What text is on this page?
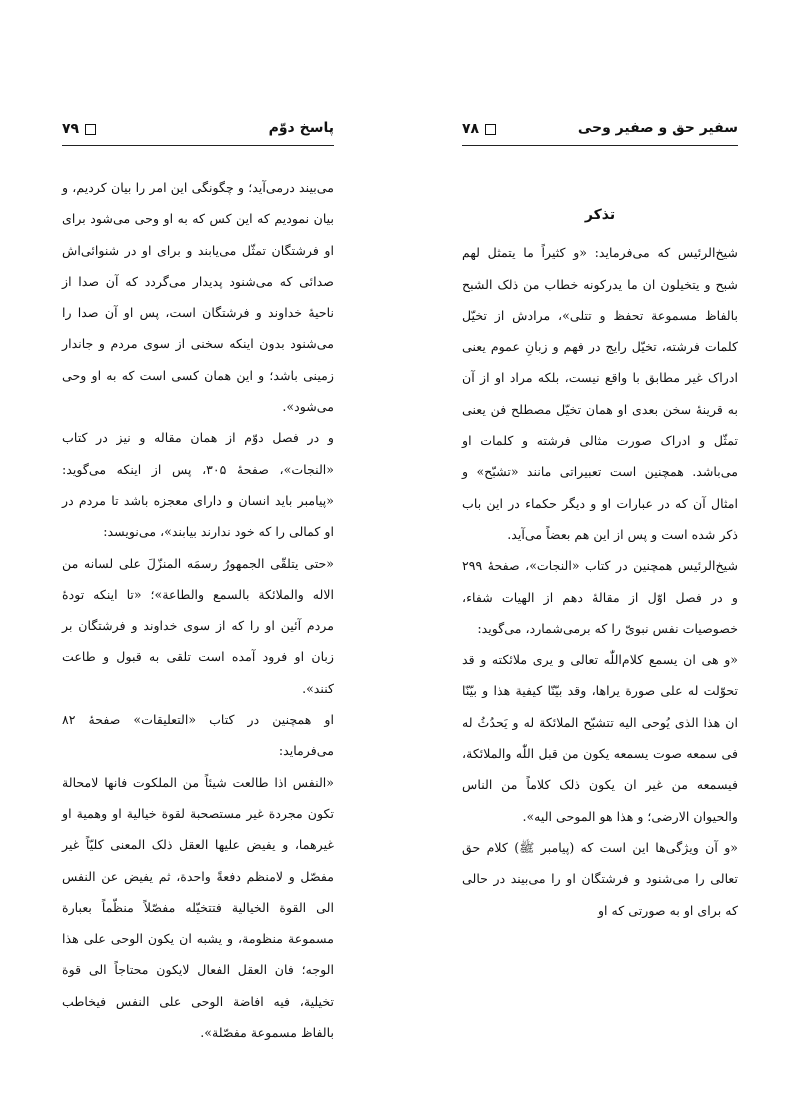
۷۹	پاسخ دوّم

می‌بیند درمی‌آید؛ و چگونگی این امر را بیان کردیم، و بیان نمودیم که این کس که به او وحی می‌شود برای او فرشتگان تمثّل می‌یابند و برای او در شنوائی‌اش صدائی که می‌شنود پدیدار می‌گردد که آن صدا از ناحیۀ خداوند و فرشتگان است، پس او آن صدا را می‌شنود بدون اینکه سخنی از سوی مردم و جاندار زمینی باشد؛ و این همان کسی است که به او وحی می‌شود».

و در فصل دوّم از همان مقاله و نیز در کتاب «النجات»، صفحۀ ۳۰۵، پس از اینکه می‌گوید: «پیامبر باید انسان و دارای معجزه باشد تا مردم در او کمالی را که خود ندارند بیابند»، می‌نویسد:

«حتی یتلقّی الجمهورُ رسمَه المنزّلَ علی لسانه من الاله والملائکة بالسمع والطاعة»؛ «تا اینکه تودۀ مردم آئین او را که از سوی خداوند و فرشتگان بر زبان او فرود آمده است تلقی به قبول و طاعت کنند».

او همچنین در کتاب «التعلیقات» صفحۀ ۸۲ می‌فرماید:

«النفس اذا طالعت شیئاً من الملکوت فانها لامحالة تکون مجردة غیر مستصحبة لقوة خیالیة او وهمیة او غیرهما، و یفیض علیها العقل ذلک المعنی کلیّاً غیر مفصّل و لامنظم دفعةً واحدة، ثم یفیض عن النفس الی القوة الخیالیة فتتخیّله مفصّلاً منظّماً بعبارة مسموعة منظومة، و یشبه ان یکون الوحی علی هذا الوجه؛ فان العقل الفعال لایکون محتاجاً الی قوة تخیلیة، فیه افاضة الوحی علی النفس فیخاطب بالفاظ مسموعة مفصّلة».

۷۸	سفیر حق و صفیر وحی

تذکر

شیخ‌الرئیس که می‌فرماید: «و کثیراً ما یتمثل لهم شبح و یتخیلون ان ما یدرکونه خطاب من ذلک الشبح بالفاظ مسموعة تحفظ و تتلی»، مرادش از تخیّل کلمات فرشته، تخیّل رایج در فهم و زبانِ عموم یعنی ادراک غیر مطابق با واقع نیست، بلکه مراد او از آن به قرینۀ سخن بعدی او همان تخیّل مصطلح فن یعنی تمثّل و ادراک صورت مثالی فرشته و کلمات او می‌باشد. همچنین است تعبیراتی مانند «تشبّح» و امثال آن که در عبارات او و دیگر حکماء در این باب ذکر شده است و پس از این هم بعضاً می‌آید.

شیخ‌الرئیس همچنین در کتاب «النجات»، صفحۀ ۲۹۹ و در فصل اوّل از مقالۀ دهم از الهیات شفاء، خصوصیات نفس نبویّ را که برمی‌شمارد، می‌گوید:

«و هی ان یسمع کلام‌اللّٰه تعالی و یری ملائکته و قد تحوّلت له علی صورة یراها، وقد بیّنّا کیفیة هذا و بیّنّا ان هذا الذی یُوحی الیه تتشبّح الملائکة له و یَحدُثُ له فی سمعه صوت یسمعه یکون من قبل اللّٰه والملائکة، فیسمعه من غیر ان یکون ذلک کلاماً من الناس والحیوان الارضی؛ و هذا هو الموحی الیه».

«و آن ویژگی‌ها این است که (پیامبر ﷺ) کلام حق تعالی را می‌شنود و فرشتگان او را می‌بیند در حالی که برای او به صورتی که او
